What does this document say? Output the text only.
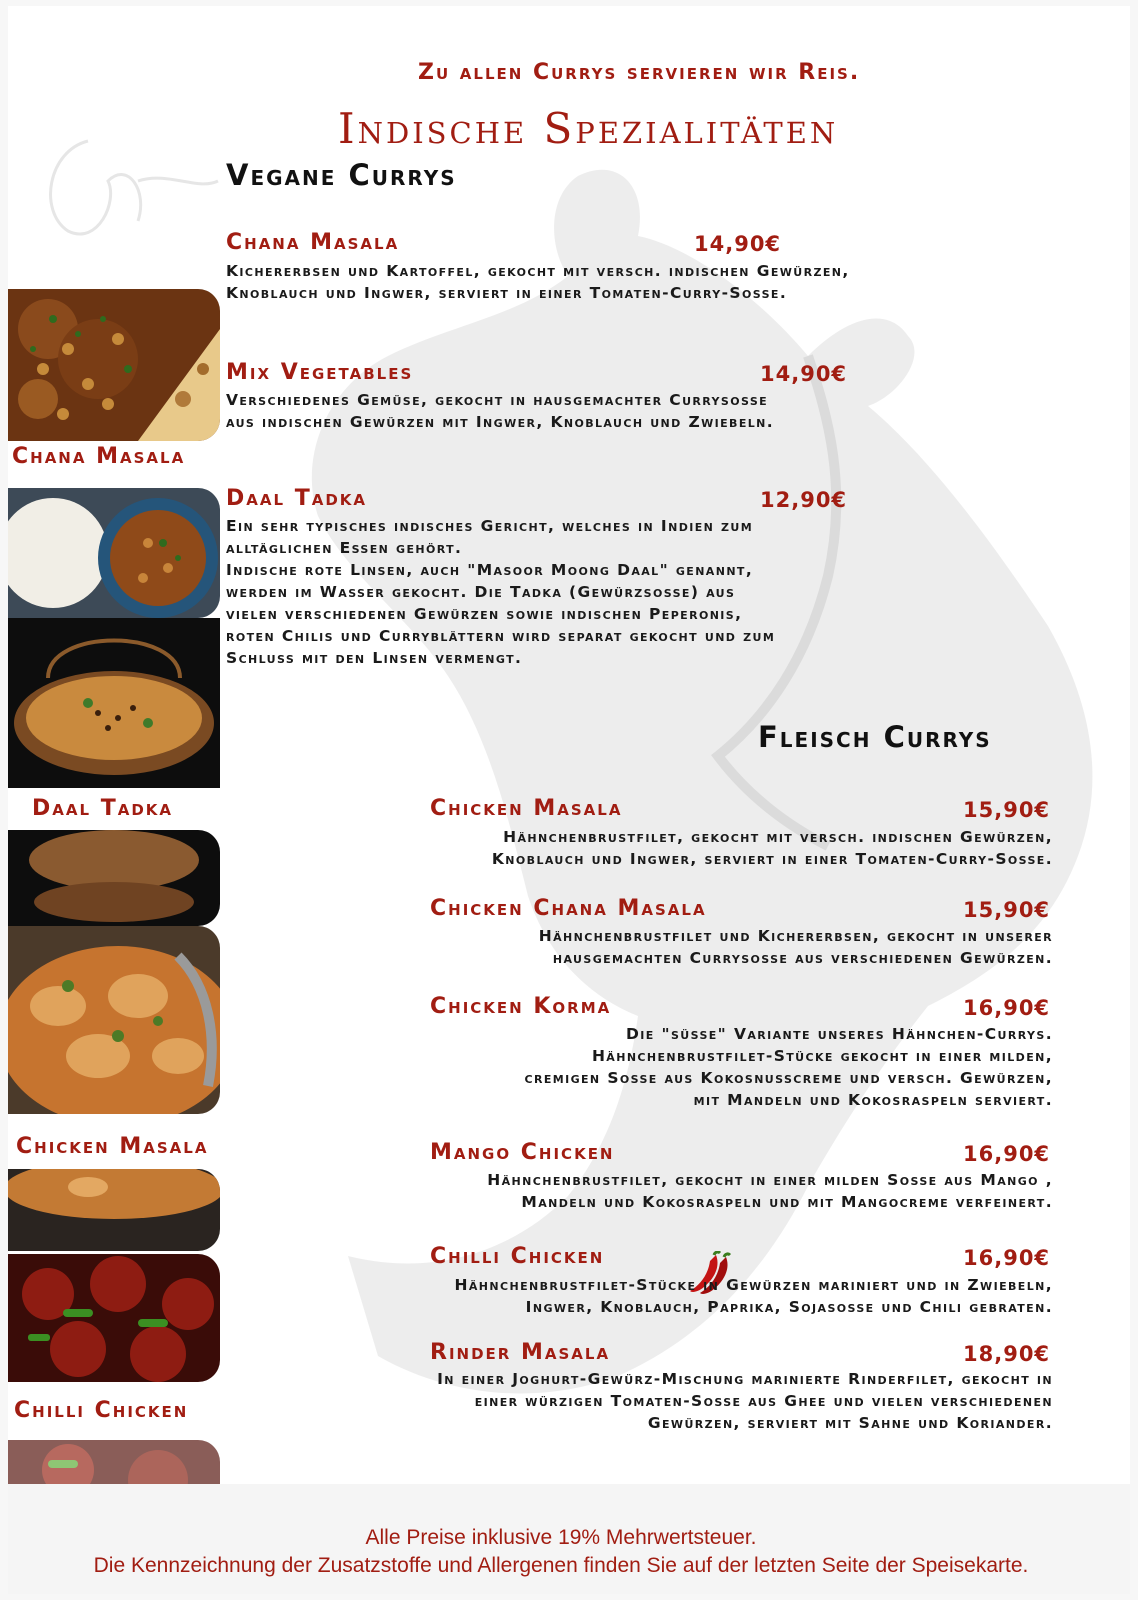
Zu allen Currys servieren wir Reis.
Indische Spezialitäten
Vegane Currys
Chana Masala	14,90€
Kichererbsen und Kartoffel, gekocht mit versch. indischen Gewürzen,
Knoblauch und Ingwer, serviert in einer Tomaten-Curry-Sosse.
Mix Vegetables	14,90€
Verschiedenes Gemüse, gekocht in hausgemachter Currysosse
aus indischen Gewürzen mit Ingwer, Knoblauch und Zwiebeln.
Daal Tadka	12,90€
Ein sehr typisches indisches Gericht, welches in Indien zum
alltäglichen Essen gehört.
Indische rote Linsen, auch "Masoor Moong Daal" genannt,
werden im Wasser gekocht. Die Tadka (Gewürzsosse) aus
vielen verschiedenen Gewürzen sowie indischen Peperonis,
roten Chilis und Curryblättern wird separat gekocht und zum
Schluss mit den Linsen vermengt.
Fleisch Currys
Chicken Masala	15,90€
Hähnchenbrustfilet, gekocht mit versch. indischen Gewürzen,
Knoblauch und Ingwer, serviert in einer Tomaten-Curry-Sosse.
Chicken Chana Masala	15,90€
Hähnchenbrustfilet und Kichererbsen, gekocht in unserer
hausgemachten Currysosse aus verschiedenen Gewürzen.
Chicken Korma	16,90€
Die "süsse" Variante unseres Hähnchen-Currys.
Hähnchenbrustfilet-Stücke gekocht in einer milden,
cremigen Sosse aus Kokosnusscreme und versch. Gewürzen,
mit Mandeln und Kokosraspeln serviert.
Mango Chicken	16,90€
Hähnchenbrustfilet, gekocht in einer milden Sosse aus Mango ,
Mandeln und Kokosraspeln und mit Mangocreme verfeinert.
Chilli Chicken	16,90€
Hähnchenbrustfilet-Stücke in Gewürzen mariniert und in Zwiebeln,
Ingwer, Knoblauch, Paprika, Sojasosse und Chili gebraten.
Rinder Masala	18,90€
In einer Joghurt-Gewürz-Mischung marinierte Rinderfilet, gekocht in
einer würzigen Tomaten-Sosse aus Ghee und vielen verschiedenen
Gewürzen, serviert mit Sahne und Koriander.
Chana Masala
Daal Tadka
Chicken Masala
Chilli Chicken
Alle Preise inklusive 19% Mehrwertsteuer.
Die Kennzeichnung der Zusatzstoffe und Allergenen finden Sie auf der letzten Seite der Speisekarte.
